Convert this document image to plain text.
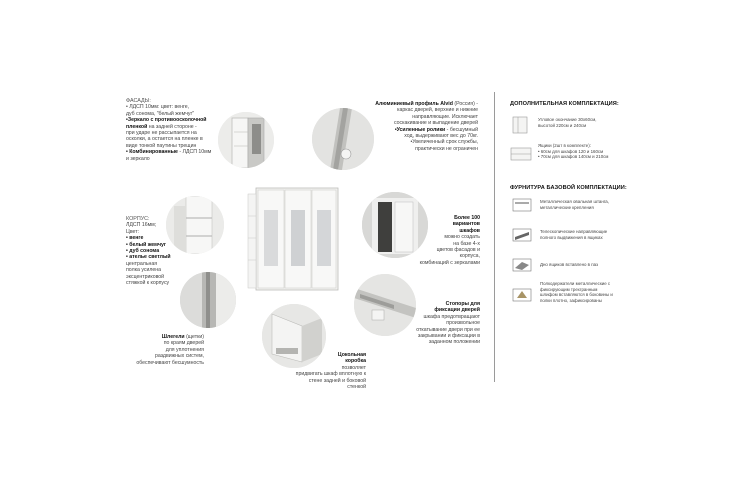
ФАСАДЫ:
• ЛДСП 10мм: цвет: венге,
дуб сонома, "белый жемчуг"
•Зеркало с противоосколочной
пленкой на задней стороне -
при ударе не рассыпается на
осколки, а остается на пленке в
виде тонкой паутины трещин
• Комбинированные - ЛДСП 10мм
и зеркало
КОРПУС:
ЛДСП 16мм;
Цвет:
• венге
• белый жемчуг
• дуб сонома
• ателье светлый
центральная
полка усилена
эксцентриковой
стяжкой к корпусу
Шлегели (щетки)
по краям дверей
для уплотнения
раздвижных систем,
обеспечивают бесшумность
Алюминиевый профиль Alvid (Россия) -
каркас дверей, верхние и нижние
направляющие. Исключает
соскакивание и выпадение дверей
•Усиленные ролики - бесшумный
ход, выдерживают вес до 70кг.
•Увеличенный срок службы,
практически не ограничен
Более 100
вариантов
шкафов
можно создать
на базе 4-х
цветов фасадов и
корпуса,
комбинаций с зеркалами
Стопоры для
фиксации дверей
шкафа предотвращают
произвольное
откатывание двери при ее
закрывании и фиксации в
заданном положении
Цокольная
коробка
позволяет
придвигать шкаф вплотную к
стене задней и боковой стенкой
ДОПОЛНИТЕЛЬНАЯ КОМПЛЕКТАЦИЯ:
Угловое окончание 30х60см,
высотой 220см и 240см
Ящики (2шт в комплекте):
• 60см для шкафов 120 и 160см
• 70см для шкафов 140см и 210см
ФУРНИТУРА БАЗОВОЙ КОМПЛЕКТАЦИИ:
Металлическая овальная штанга,
металлические крепления
Телескопические направляющие
полного выдвижения в ящиках
Дно ящиков вставлено в паз
Полкодержатели металлические с
фиксирующим трехгранным
шлифом вставляются в боковины и
полки плотно, зафиксированы
